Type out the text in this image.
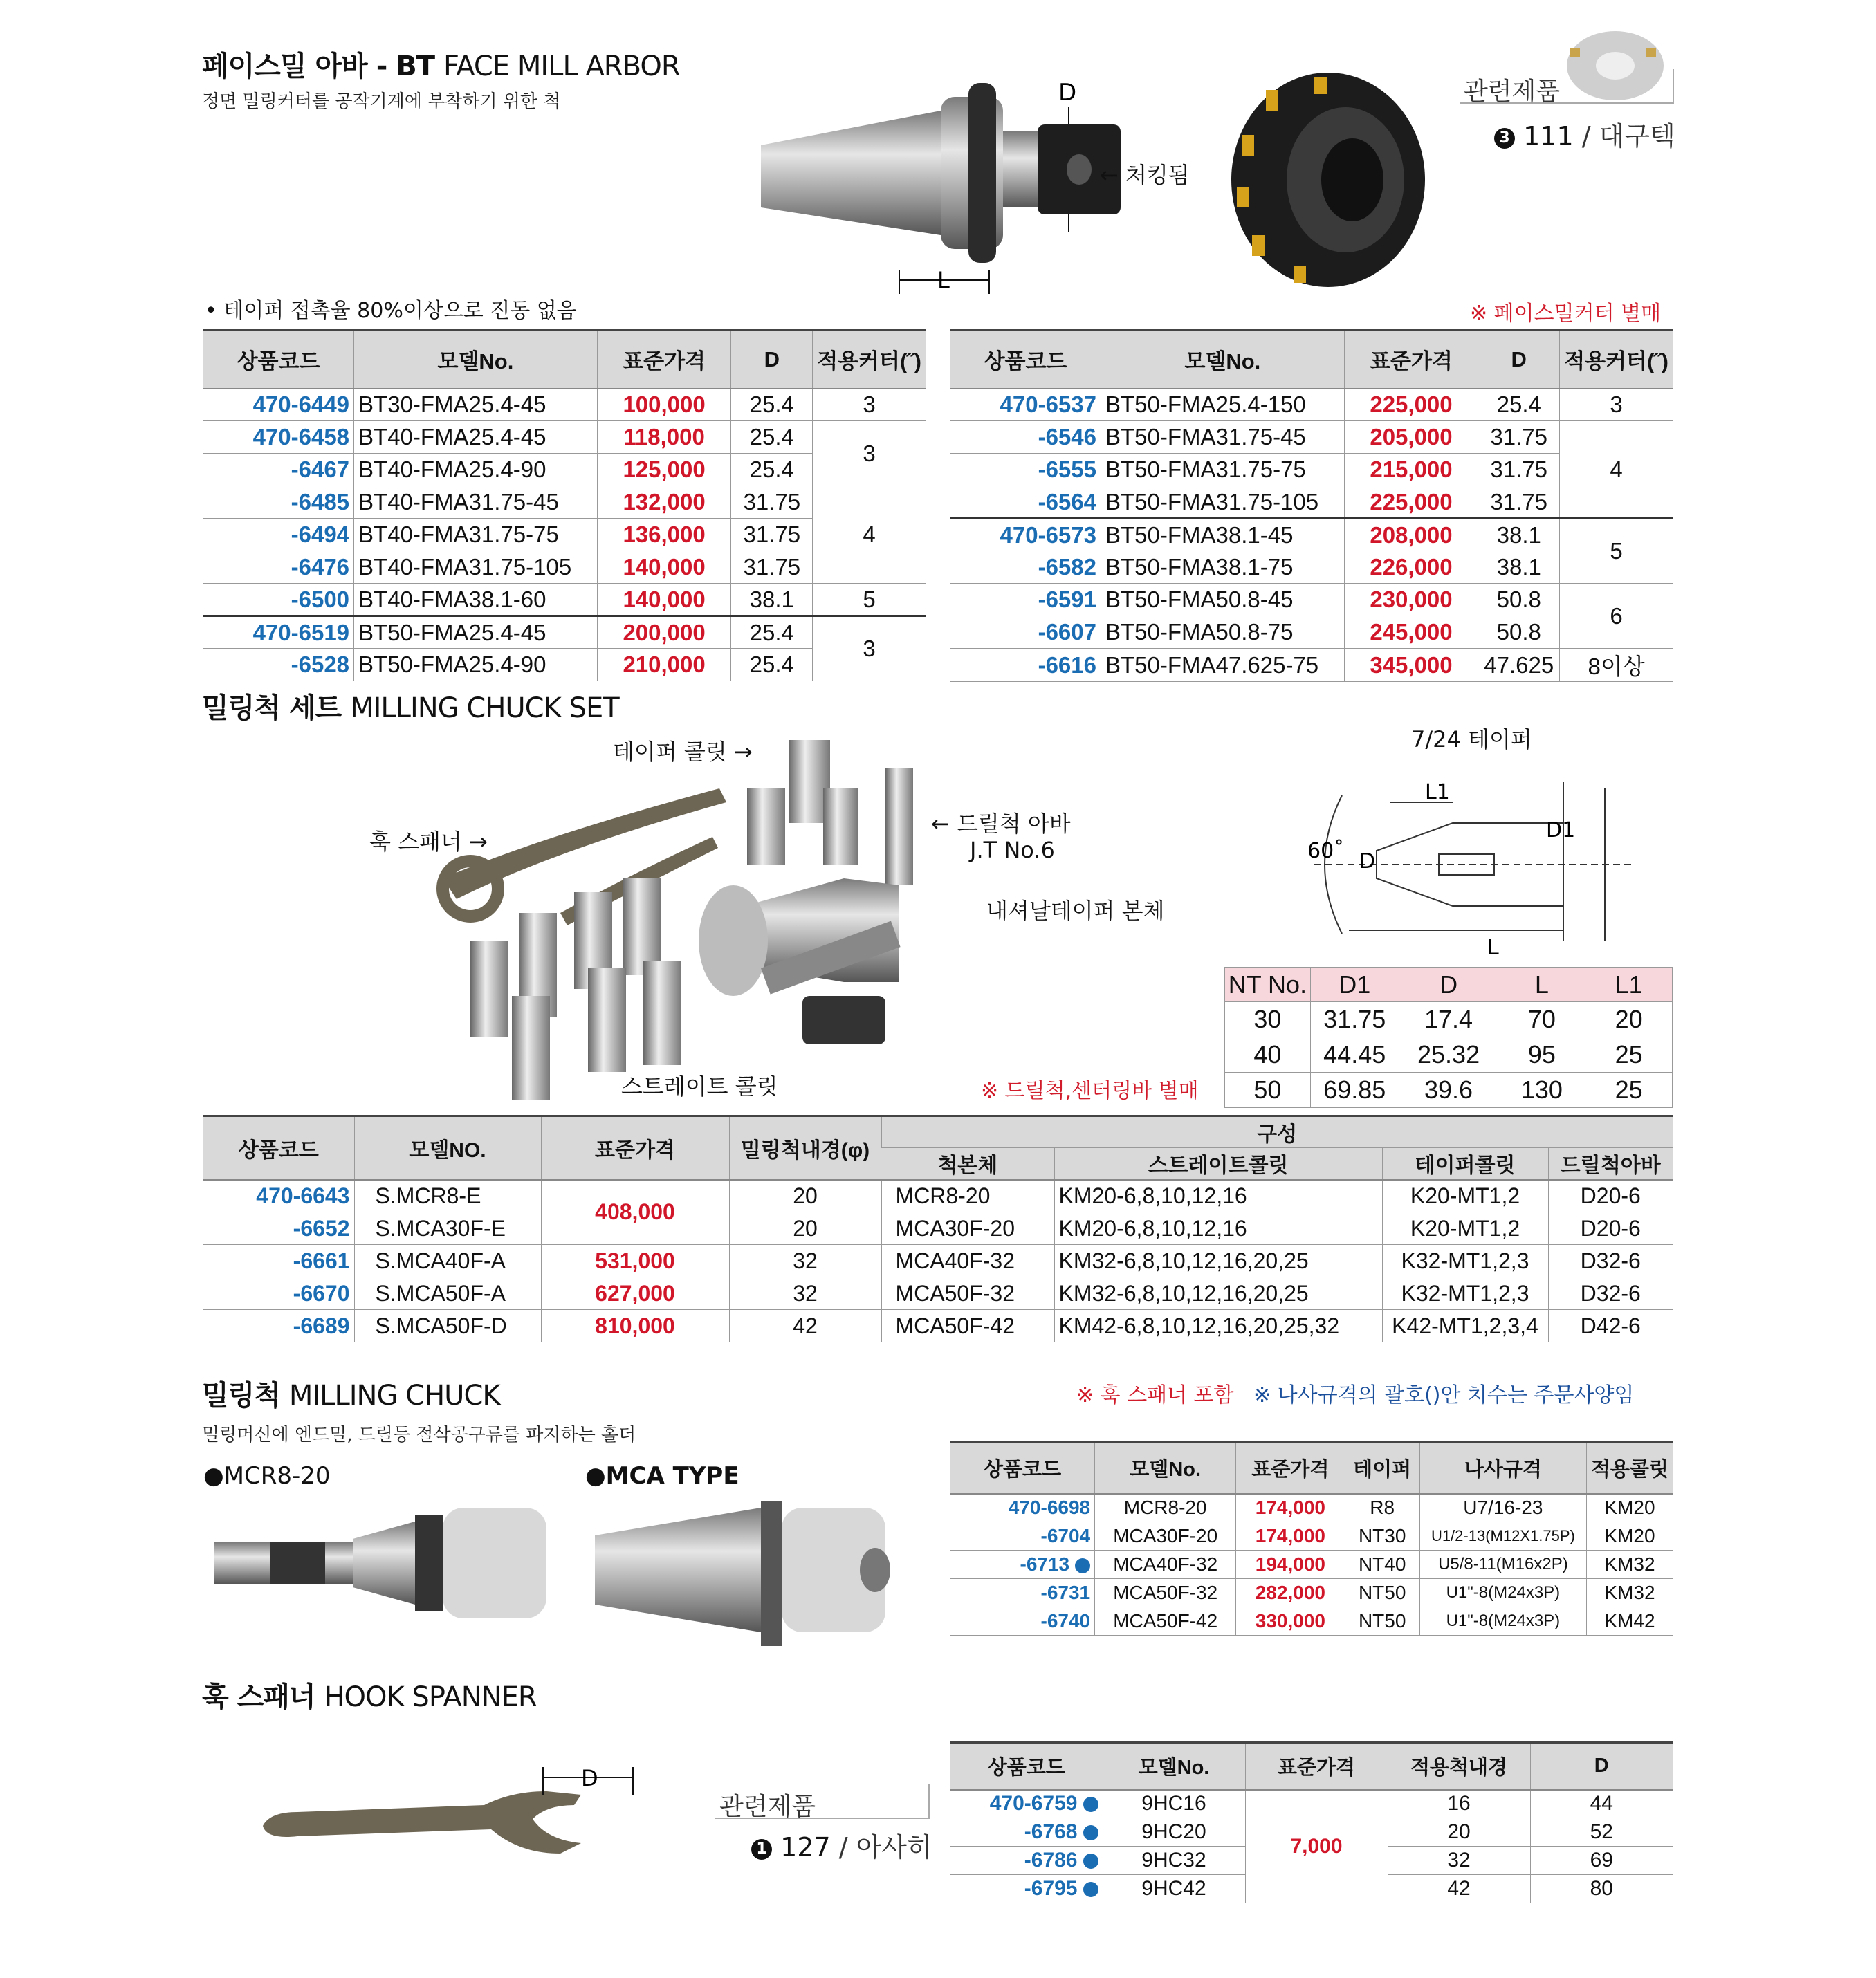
페이스밀 아바 - BT FACE MILL ARBOR
정면 밀링커터를 공작기계에 부착하기 위한 척	D
L
← 처킹됨
관련제품
3 111 / 대구텍
• 테이퍼 접촉율 80%이상으로 진동 없음	※ 페이스밀커터 별매
상품코드	모델No.	표준가격	D	적용커터(˝)
470-6449	BT30-FMA25.4-45	100,000	25.4	3
470-6458	BT40-FMA25.4-45	118,000	25.4	3
-6467	BT40-FMA25.4-90	125,000	25.4	
-6485	BT40-FMA31.75-45	132,000	31.75	4
-6494	BT40-FMA31.75-75	136,000	31.75	
-6476	BT40-FMA31.75-105	140,000	31.75	
-6500	BT40-FMA38.1-60	140,000	38.1	5
470-6519	BT50-FMA25.4-45	200,000	25.4	3
-6528	BT50-FMA25.4-90	210,000	25.4	
상품코드	모델No.	표준가격	D	적용커터(˝)
470-6537	BT50-FMA25.4-150	225,000	25.4	3
-6546	BT50-FMA31.75-45	205,000	31.75	4
-6555	BT50-FMA31.75-75	215,000	31.75	
-6564	BT50-FMA31.75-105	225,000	31.75	
470-6573	BT50-FMA38.1-45	208,000	38.1	5
-6582	BT50-FMA38.1-75	226,000	38.1	
-6591	BT50-FMA50.8-45	230,000	50.8	6
-6607	BT50-FMA50.8-75	245,000	50.8	
-6616	BT50-FMA47.625-75	345,000	47.625	8이상
밀링척 세트 MILLING CHUCK SET
테이퍼 콜릿 →
훅 스패너 →
← 드릴척 아바
J.T No.6
내셔날테이퍼 본체
스트레이트 콜릿	※ 드릴척,센터링바 별매
7/24 테이퍼
L1
D1
60˚ D
L
NT No.	D1	D	L	L1
30	31.75	17.4	70	20
40	44.45	25.32	95	25
50	69.85	39.6	130	25
상품코드	모델NO.	표준가격	밀링척내경(φ)	구성			
				척본체	스트레이트콜릿	테이퍼콜릿	드릴척아바
470-6643	S.MCR8-E	408,000	20	MCR8-20	KM20-6,8,10,12,16	K20-MT1,2	D20-6
-6652	S.MCA30F-E		20	MCA30F-20	KM20-6,8,10,12,16	K20-MT1,2	D20-6
-6661	S.MCA40F-A	531,000	32	MCA40F-32	KM32-6,8,10,12,16,20,25	K32-MT1,2,3	D32-6
-6670	S.MCA50F-A	627,000	32	MCA50F-32	KM32-6,8,10,12,16,20,25	K32-MT1,2,3	D32-6
-6689	S.MCA50F-D	810,000	42	MCA50F-42	KM42-6,8,10,12,16,20,25,32	K42-MT1,2,3,4	D42-6
밀링척 MILLING CHUCK
밀링머신에 엔드밀, 드릴등 절삭공구류를 파지하는 홀더
※ 훅 스패너 포함 ※ 나사규격의 괄호()안 치수는 주문사양임
●MCR8-20	●MCA TYPE	상품코드	모델No.	표준가격	테이퍼	나사규격	적용콜릿
470-6698	MCR8-20	174,000	R8	U7/16-23	KM20
-6704	MCA30F-20	174,000	NT30	U1/2-13(M12X1.75P)	KM20
-6713	MCA40F-32	194,000	NT40	U5/8-11(M16x2P)	KM32
-6731	MCA50F-32	282,000	NT50	U1"-8(M24x3P)	KM32
-6740	MCA50F-42	330,000	NT50	U1"-8(M24x3P)	KM42
훅 스패너 HOOK SPANNER
D
관련제품
1 127 / 아사히
상품코드	모델No.	표준가격	적용척내경	D
470-6759	9HC16	7,000	16	44
-6768	9HC20		20	52
-6786	9HC32		32	69
-6795	9HC42		42	80
